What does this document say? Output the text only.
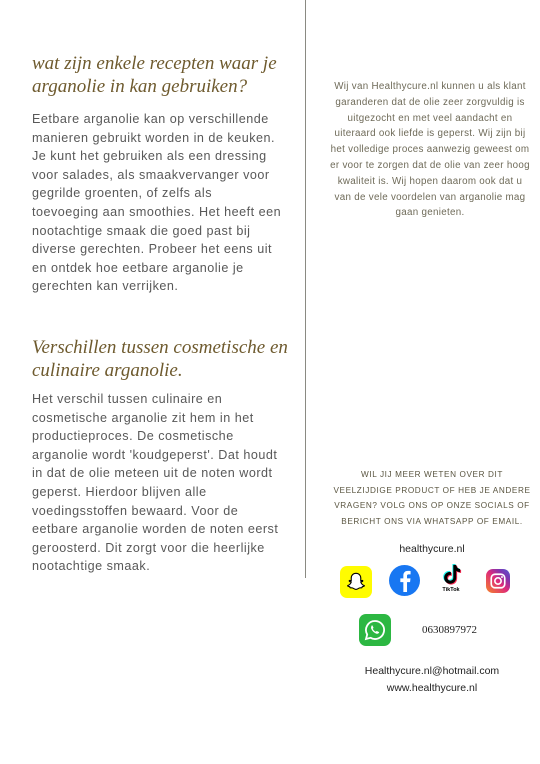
wat zijn enkele recepten waar je arganolie in kan gebruiken?

Eetbare arganolie kan op verschillende manieren gebruikt worden in de keuken. Je kunt het gebruiken als een dressing voor salades, als smaakvervanger voor gegrilde groenten, of zelfs als toevoeging aan smoothies. Het heeft een nootachtige smaak die goed past bij diverse gerechten. Probeer het eens uit en ontdek hoe eetbare arganolie je gerechten kan verrijken.

Verschillen tussen cosmetische en culinaire arganolie.

Het verschil tussen culinaire en cosmetische arganolie zit hem in het productieproces. De cosmetische arganolie wordt 'koudgeperst'. Dat houdt in dat de olie meteen uit de noten wordt geperst. Hierdoor blijven alle voedingsstoffen bewaard. Voor de eetbare arganolie worden de noten eerst geroosterd. Dit zorgt voor die heerlijke nootachtige smaak.

Wij van Healthycure.nl kunnen u als klant garanderen dat de olie zeer zorgvuldig is uitgezocht en met veel aandacht en uiteraard ook liefde is geperst. Wij zijn bij het volledige proces aanwezig geweest om er voor te zorgen dat de olie van zeer hoog kwaliteit is. Wij hopen daarom ook dat u van de vele voordelen van arganolie mag gaan genieten.

WIL JIJ MEER WETEN OVER DIT VEELZIJDIGE PRODUCT OF HEB JE ANDERE VRAGEN? VOLG ONS OP ONZE SOCIALS OF BERICHT ONS VIA WHATSAPP OF EMAIL.

healthycure.nl
TikTok
0630897972
Healthycure.nl@hotmail.com
www.healthycure.nl
